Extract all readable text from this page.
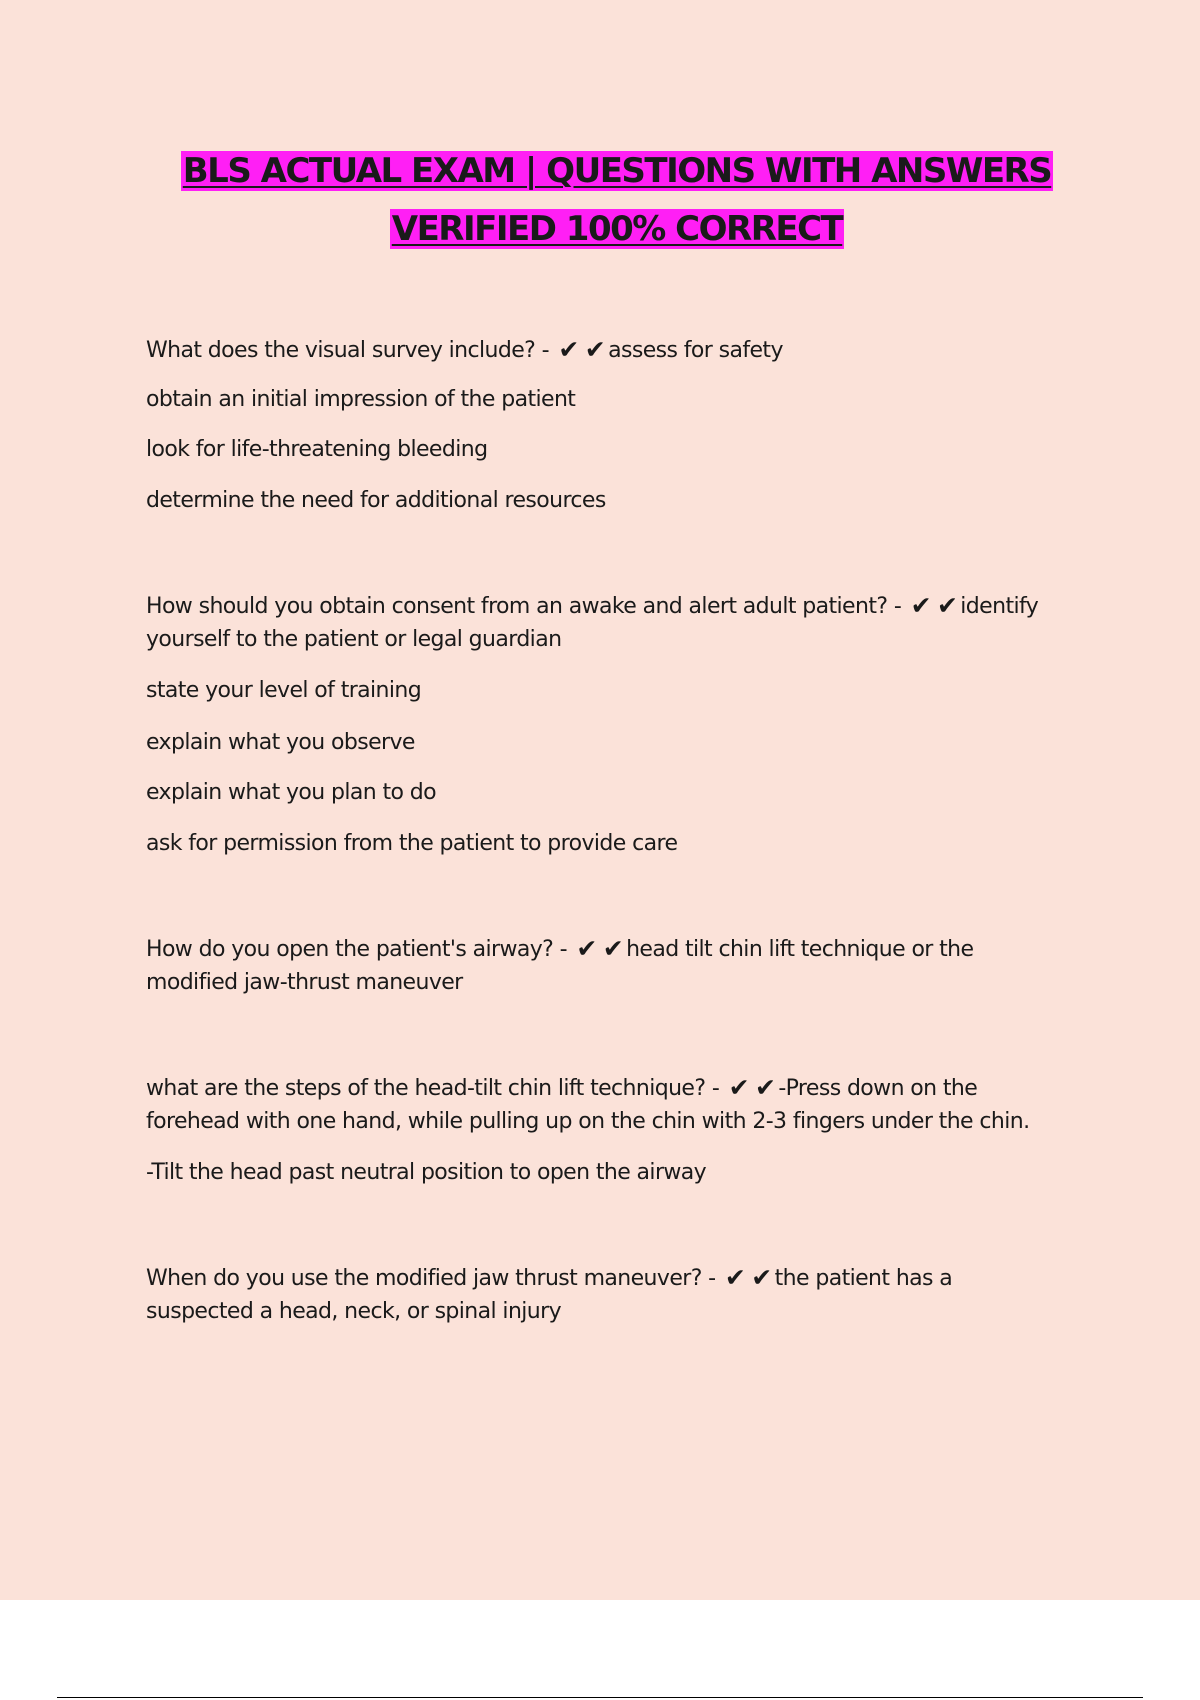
BLS ACTUAL EXAM | QUESTIONS WITH ANSWERS
VERIFIED 100% CORRECT
What does the visual survey include? - ✔ ✔ assess for safety
obtain an initial impression of the patient
look for life-threatening bleeding
determine the need for additional resources
How should you obtain consent from an awake and alert adult patient? - ✔ ✔ identify
yourself to the patient or legal guardian
state your level of training
explain what you observe
explain what you plan to do
ask for permission from the patient to provide care
How do you open the patient's airway? - ✔ ✔ head tilt chin lift technique or the
modified jaw-thrust maneuver
what are the steps of the head-tilt chin lift technique? - ✔ ✔ -Press down on the
forehead with one hand, while pulling up on the chin with 2-3 fingers under the chin.
-Tilt the head past neutral position to open the airway
When do you use the modified jaw thrust maneuver? - ✔ ✔ the patient has a
suspected a head, neck, or spinal injury
